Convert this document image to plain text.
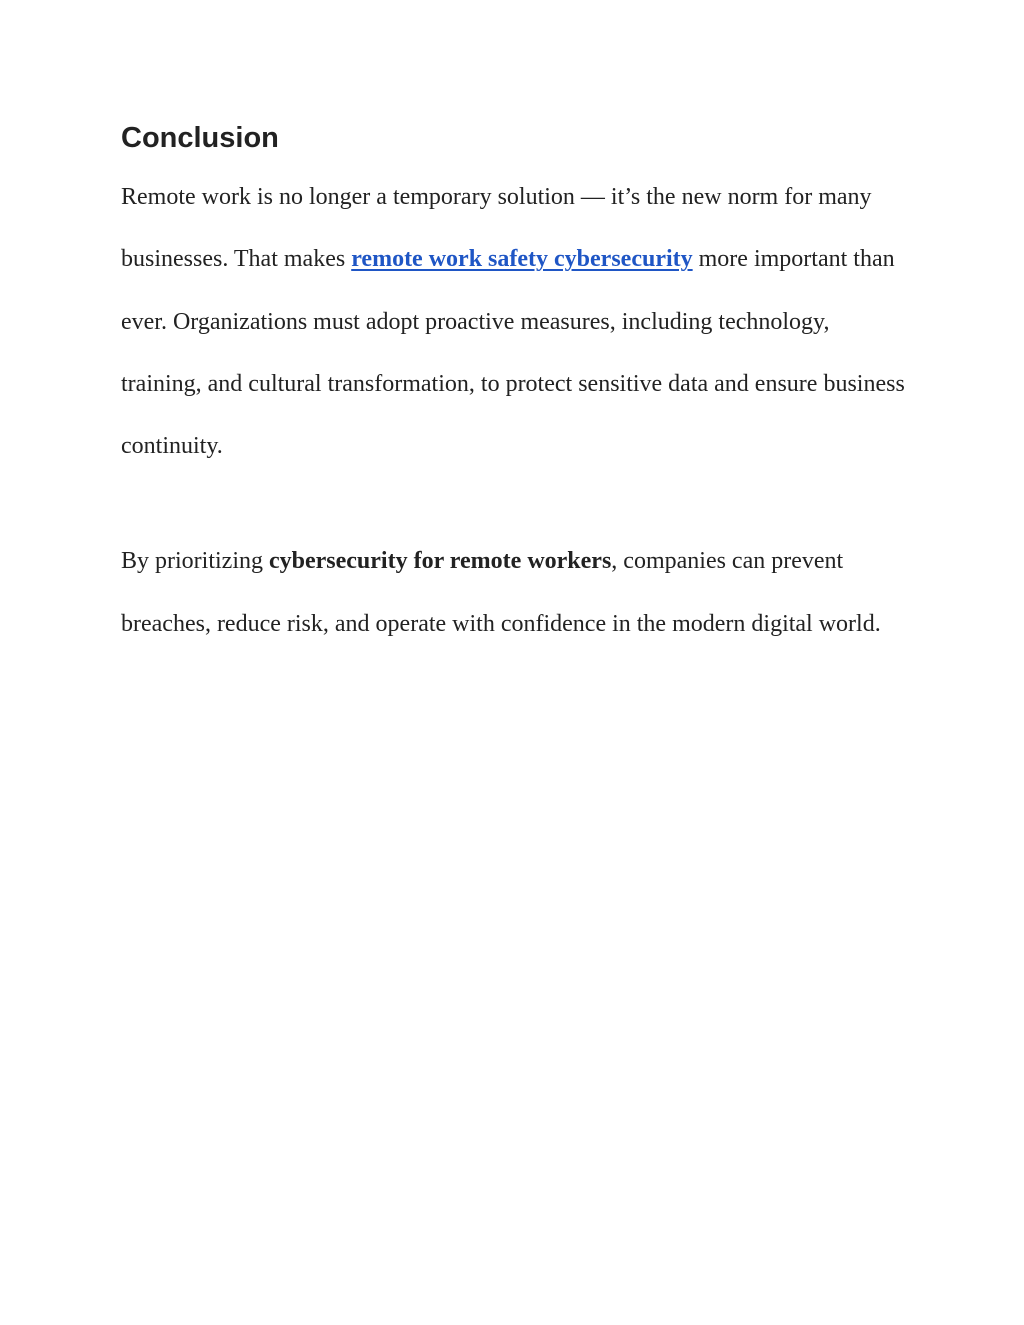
Conclusion

Remote work is no longer a temporary solution — it’s the new norm for many businesses. That makes remote work safety cybersecurity more important than ever. Organizations must adopt proactive measures, including technology, training, and cultural transformation, to protect sensitive data and ensure business continuity.

By prioritizing cybersecurity for remote workers, companies can prevent breaches, reduce risk, and operate with confidence in the modern digital world.
